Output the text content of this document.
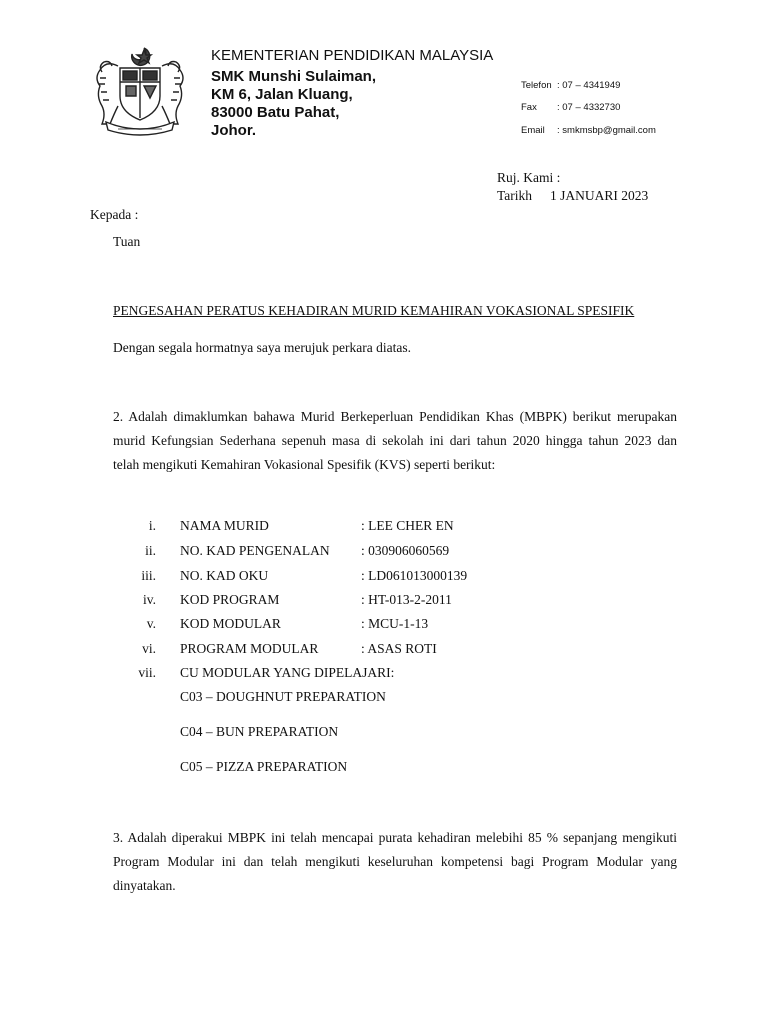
KEMENTERIAN PENDIDIKAN MALAYSIA
SMK Munshi Sulaiman,
KM 6, Jalan Kluang,
83000 Batu Pahat,
Johor.
Telefon : 07 – 4341949
Fax : 07 – 4332730
Email : smkmsbp@gmail.com
Ruj. Kami :
Tarikh 1 JANUARI 2023
Kepada :
Tuan
PENGESAHAN PERATUS KEHADIRAN MURID KEMAHIRAN VOKASIONAL SPESIFIK
Dengan segala hormatnya saya merujuk perkara diatas.
2. Adalah dimaklumkan bahawa Murid Berkeperluan Pendidikan Khas (MBPK) berikut merupakan
murid Kefungsian Sederhana sepenuh masa di sekolah ini dari tahun 2020 hingga tahun 2023 dan
telah mengikuti Kemahiran Vokasional Spesifik (KVS) seperti berikut:
i. NAMA MURID	: LEE CHER EN
ii. NO. KAD PENGENALAN : 030906060569
iii. NO. KAD OKU	: LD061013000139
iv. KOD PROGRAM	: HT-013-2-2011
v. KOD MODULAR	: MCU-1-13
vi. PROGRAM MODULAR	: ASAS ROTI
vii. CU MODULAR YANG DIPELAJARI:
C03 – DOUGHNUT PREPARATION
C04 – BUN PREPARATION
C05 – PIZZA PREPARATION
3. Adalah diperakui MBPK ini telah mencapai purata kehadiran melebihi 85 % sepanjang mengikuti
Program Modular ini dan telah mengikuti keseluruhan kompetensi bagi Program Modular yang
dinyatakan.
